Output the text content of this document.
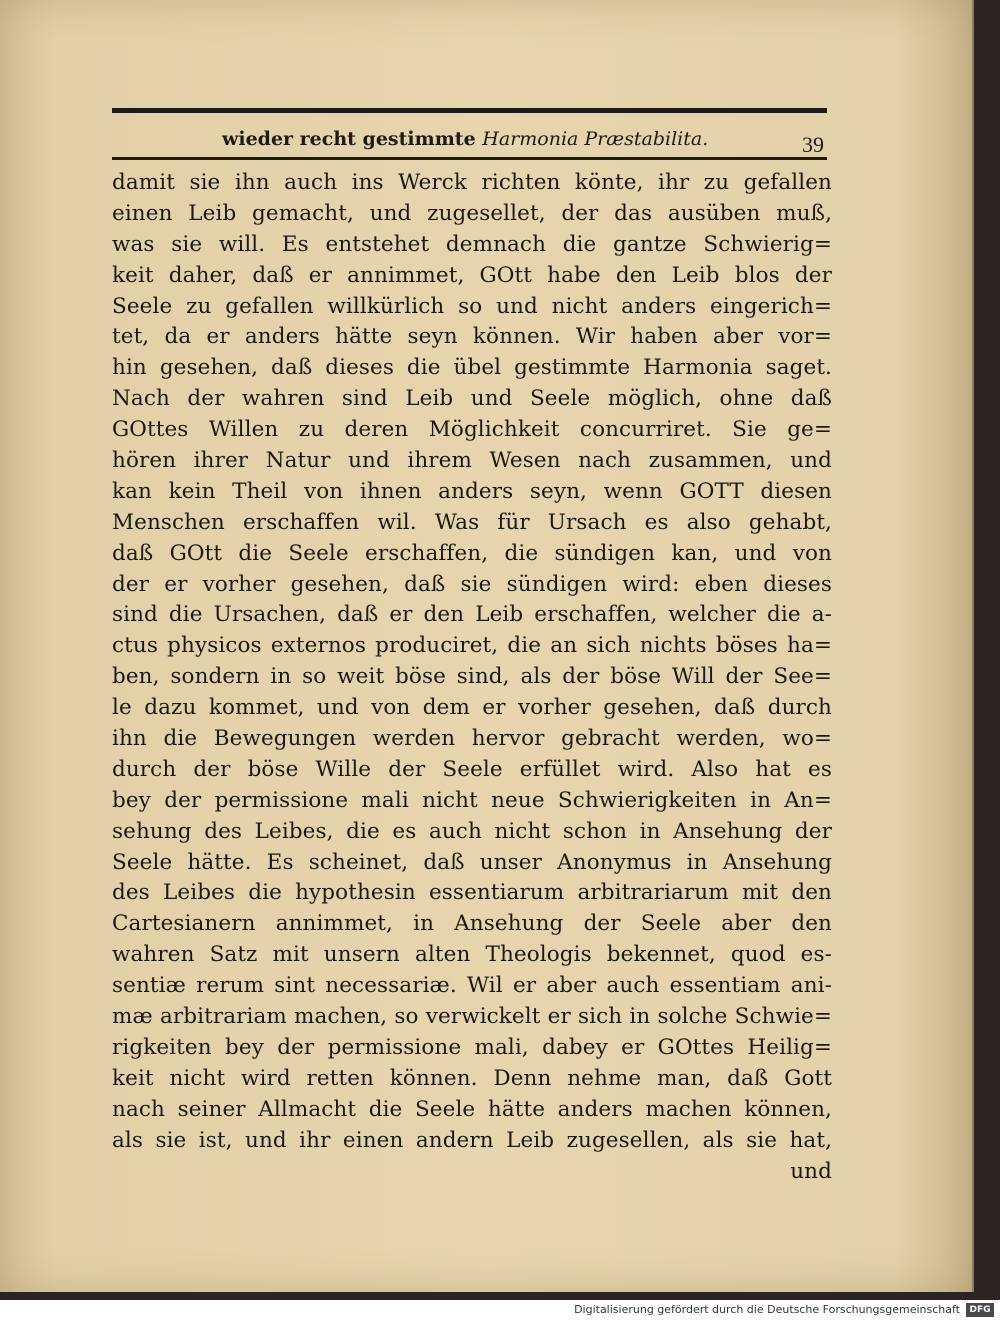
wieder recht gestimmte Harmonia Præstabilita.	39
damit sie ihn auch ins Werck richten könte, ihr zu gefallen
einen Leib gemacht, und zugesellet, der das ausüben muß,
was sie will. Es entstehet demnach die gantze Schwierig=
keit daher, daß er annimmet, GOtt habe den Leib blos der
Seele zu gefallen willkürlich so und nicht anders eingerich=
tet, da er anders hätte seyn können. Wir haben aber vor=
hin gesehen, daß dieses die übel gestimmte Harmonia saget.
Nach der wahren sind Leib und Seele möglich, ohne daß
GOttes Willen zu deren Möglichkeit concurriret. Sie ge=
hören ihrer Natur und ihrem Wesen nach zusammen, und
kan kein Theil von ihnen anders seyn, wenn GOTT diesen
Menschen erschaffen wil. Was für Ursach es also gehabt,
daß GOtt die Seele erschaffen, die sündigen kan, und von
der er vorher gesehen, daß sie sündigen wird: eben dieses
sind die Ursachen, daß er den Leib erschaffen, welcher die a-
ctus physicos externos produciret, die an sich nichts böses ha=
ben, sondern in so weit böse sind, als der böse Will der See=
le dazu kommet, und von dem er vorher gesehen, daß durch
ihn die Bewegungen werden hervor gebracht werden, wo=
durch der böse Wille der Seele erfüllet wird. Also hat es
bey der permissione mali nicht neue Schwierigkeiten in An=
sehung des Leibes, die es auch nicht schon in Ansehung der
Seele hätte. Es scheinet, daß unser Anonymus in Ansehung
des Leibes die hypothesin essentiarum arbitrariarum mit den
Cartesianern annimmet, in Ansehung der Seele aber den
wahren Satz mit unsern alten Theologis bekennet, quod es-
sentiæ rerum sint necessariæ. Wil er aber auch essentiam ani-
mæ arbitrariam machen, so verwickelt er sich in solche Schwie=
rigkeiten bey der permissione mali, dabey er GOttes Heilig=
keit nicht wird retten können. Denn nehme man, daß Gott
nach seiner Allmacht die Seele hätte anders machen können,
als sie ist, und ihr einen andern Leib zugesellen, als sie hat,
und
Digitalisierung gefördert durch die Deutsche Forschungsgemeinschaft	DFG
